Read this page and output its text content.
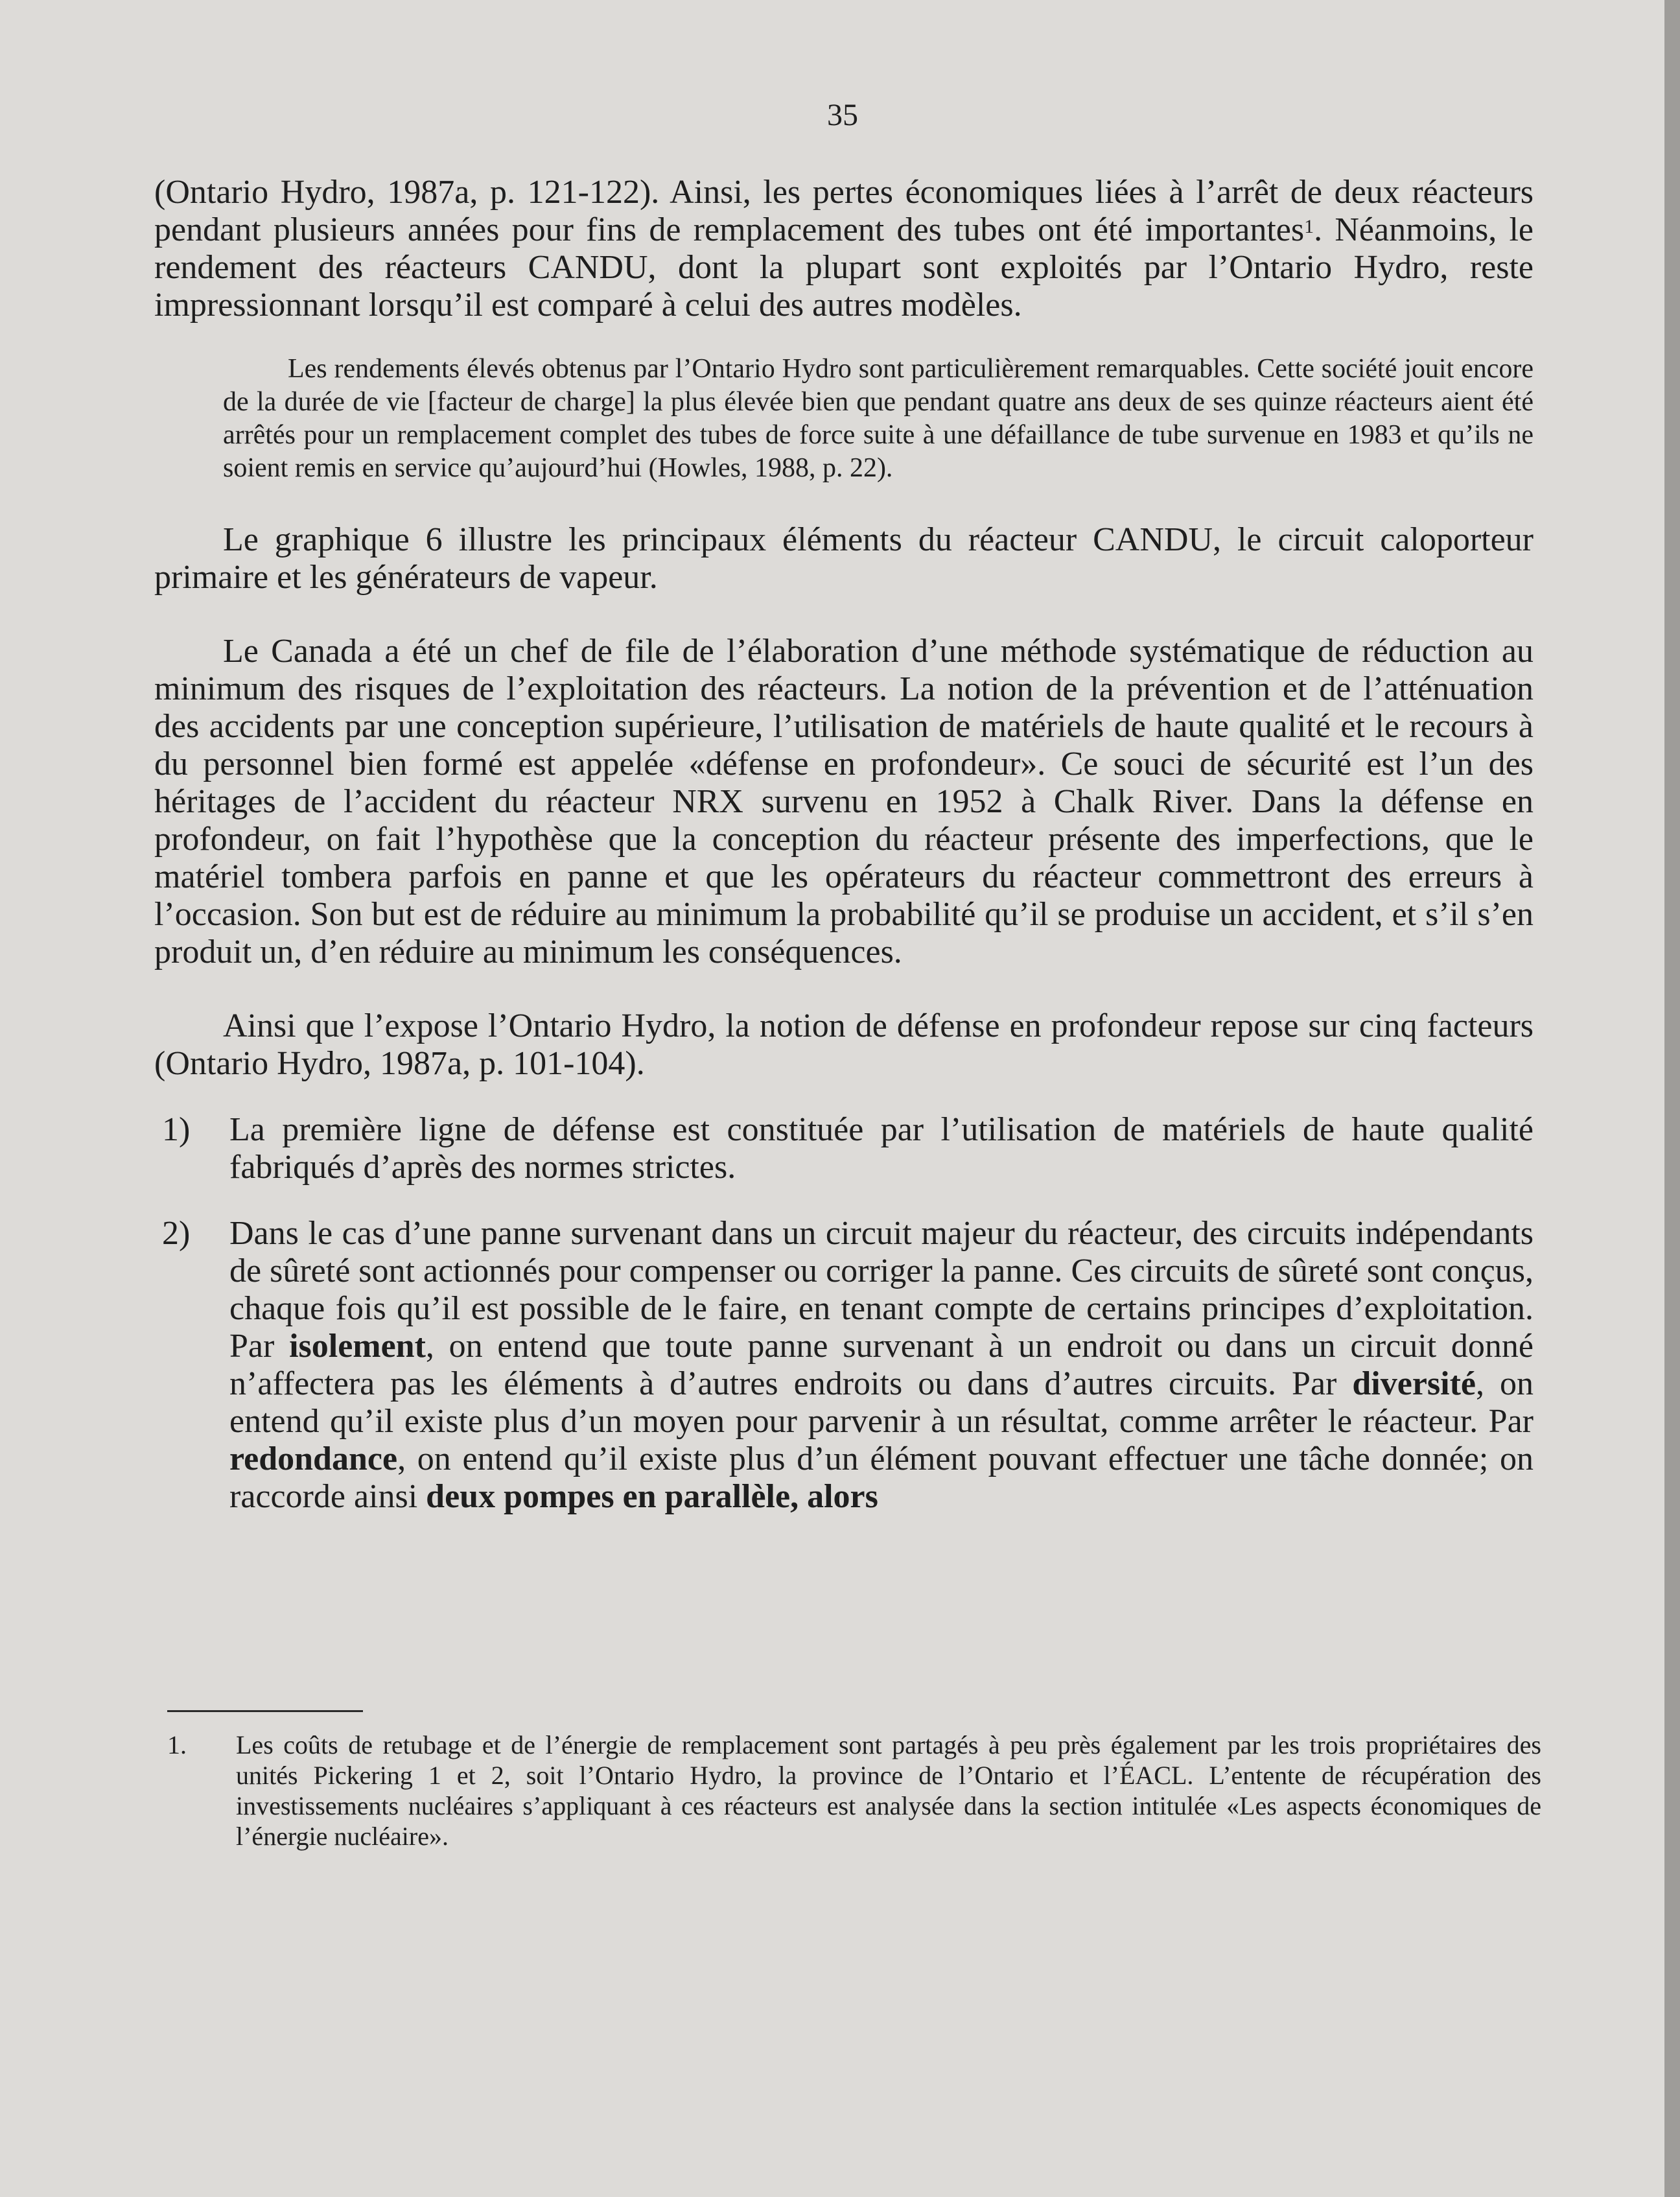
35

(Ontario Hydro, 1987a, p. 121-122). Ainsi, les pertes économiques liées à l’arrêt de deux réacteurs pendant plusieurs années pour fins de remplacement des tubes ont été importantes$^1$. Néanmoins, le rendement des réacteurs CANDU, dont la plupart sont exploités par l’Ontario Hydro, reste impressionnant lorsqu’il est comparé à celui des autres modèles.

Les rendements élevés obtenus par l’Ontario Hydro sont particulièrement remarquables. Cette société jouit encore de la durée de vie [facteur de charge] la plus élevée bien que pendant quatre ans deux de ses quinze réacteurs aient été arrêtés pour un remplacement complet des tubes de force suite à une défaillance de tube survenue en 1983 et qu’ils ne soient remis en service qu’aujourd’hui (Howles, 1988, p. 22).

Le graphique 6 illustre les principaux éléments du réacteur CANDU, le circuit caloporteur primaire et les générateurs de vapeur.

Le Canada a été un chef de file de l’élaboration d’une méthode systématique de réduction au minimum des risques de l’exploitation des réacteurs. La notion de la prévention et de l’atténuation des accidents par une conception supérieure, l’utilisation de matériels de haute qualité et le recours à du personnel bien formé est appelée «défense en profondeur». Ce souci de sécurité est l’un des héritages de l’accident du réacteur NRX survenu en 1952 à Chalk River. Dans la défense en profondeur, on fait l’hypothèse que la conception du réacteur présente des imperfections, que le matériel tombera parfois en panne et que les opérateurs du réacteur commettront des erreurs à l’occasion. Son but est de réduire au minimum la probabilité qu’il se produise un accident, et s’il s’en produit un, d’en réduire au minimum les conséquences.

Ainsi que l’expose l’Ontario Hydro, la notion de défense en profondeur repose sur cinq facteurs (Ontario Hydro, 1987a, p. 101-104).

1) La première ligne de défense est constituée par l’utilisation de matériels de haute qualité fabriqués d’après des normes strictes.
2) Dans le cas d’une panne survenant dans un circuit majeur du réacteur, des circuits indépendants de sûreté sont actionnés pour compenser ou corriger la panne. Ces circuits de sûreté sont conçus, chaque fois qu’il est possible de le faire, en tenant compte de certains principes d’exploitation. Par isolement, on entend que toute panne survenant à un endroit ou dans un circuit donné n’affectera pas les éléments à d’autres endroits ou dans d’autres circuits. Par diversité, on entend qu’il existe plus d’un moyen pour parvenir à un résultat, comme arrêter le réacteur. Par redondance, on entend qu’il existe plus d’un élément pouvant effectuer une tâche donnée; on raccorde ainsi deux pompes en parallèle, alors
1. Les coûts de retubage et de l’énergie de remplacement sont partagés à peu près également par les trois propriétaires des unités Pickering 1 et 2, soit l’Ontario Hydro, la province de l’Ontario et l’ÉACL. L’entente de récupération des investissements nucléaires s’appliquant à ces réacteurs est analysée dans la section intitulée «Les aspects économiques de l’énergie nucléaire».
